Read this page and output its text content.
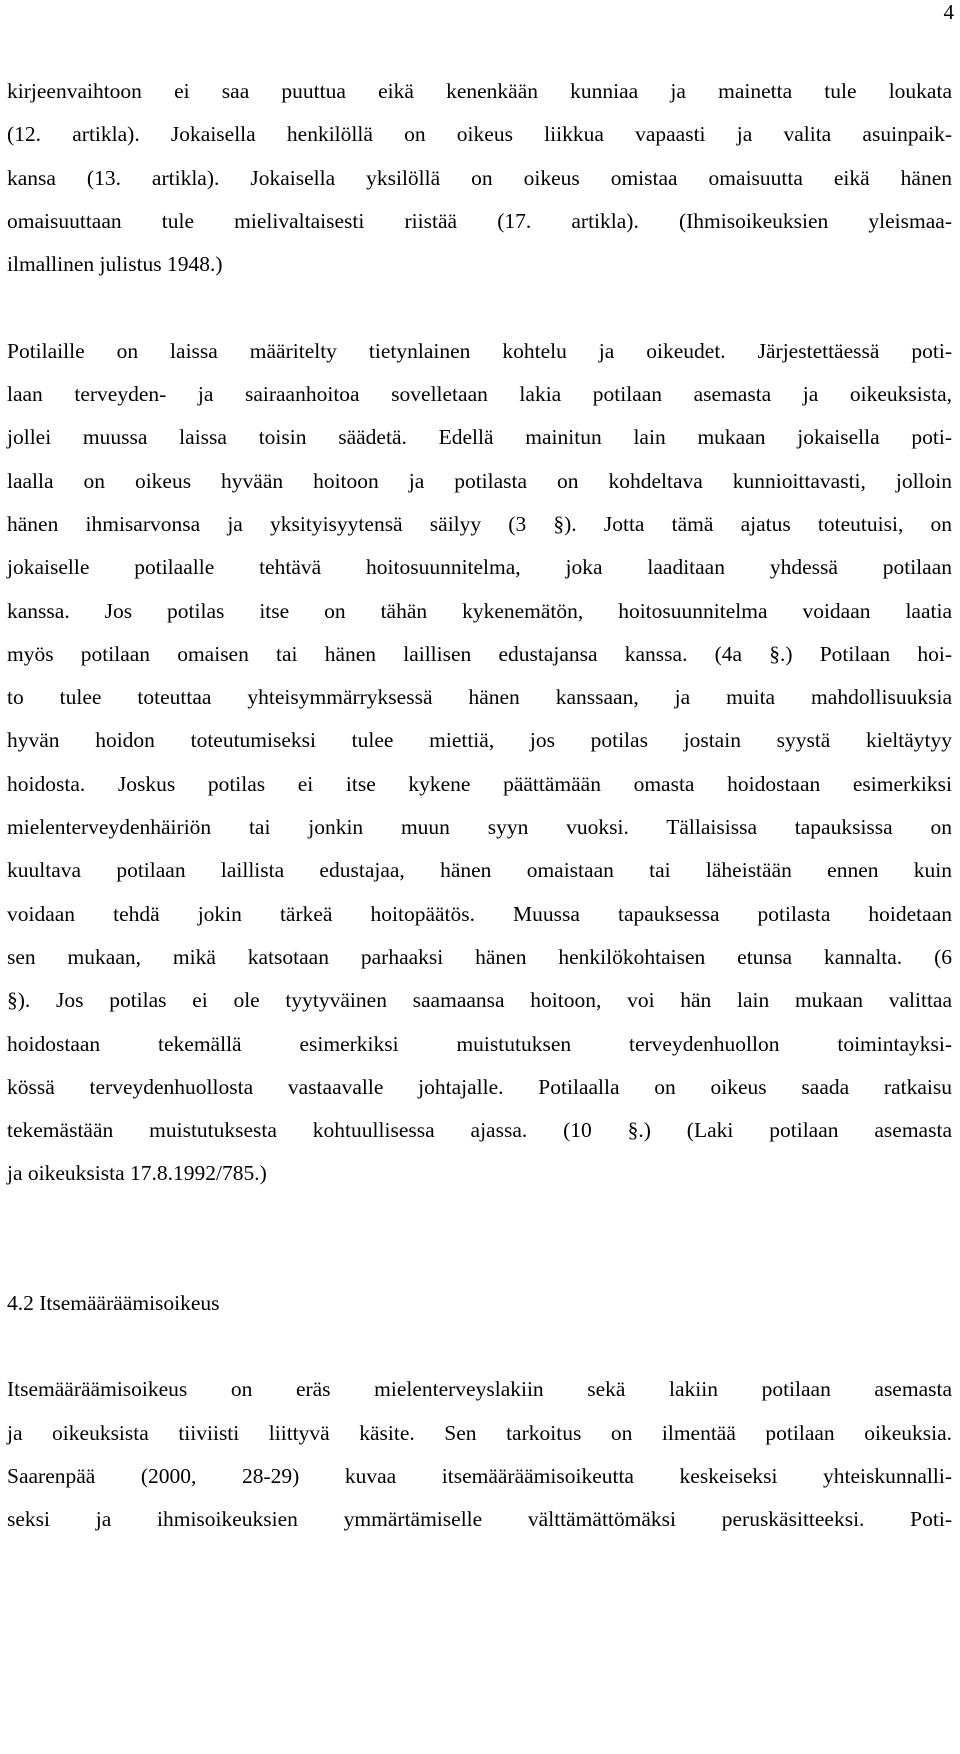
4
kirjeenvaihtoon ei saa puuttua eikä kenenkään kunniaa ja mainetta tule loukata
(12. artikla). Jokaisella henkilöllä on oikeus liikkua vapaasti ja valita asuinpaik-
kansa (13. artikla). Jokaisella yksilöllä on oikeus omistaa omaisuutta eikä hänen
omaisuuttaan tule mielivaltaisesti riistää (17. artikla). (Ihmisoikeuksien yleismaa-
ilmallinen julistus 1948.)
Potilaille on laissa määritelty tietynlainen kohtelu ja oikeudet. Järjestettäessä poti-
laan terveyden- ja sairaanhoitoa sovelletaan lakia potilaan asemasta ja oikeuksista,
jollei muussa laissa toisin säädetä. Edellä mainitun lain mukaan jokaisella poti-
laalla on oikeus hyvään hoitoon ja potilasta on kohdeltava kunnioittavasti, jolloin
hänen ihmisarvonsa ja yksityisyytensä säilyy (3 §). Jotta tämä ajatus toteutuisi, on
jokaiselle potilaalle tehtävä hoitosuunnitelma, joka laaditaan yhdessä potilaan
kanssa. Jos potilas itse on tähän kykenemätön, hoitosuunnitelma voidaan laatia
myös potilaan omaisen tai hänen laillisen edustajansa kanssa. (4a §.) Potilaan hoi-
to tulee toteuttaa yhteisymmärryksessä hänen kanssaan, ja muita mahdollisuuksia
hyvän hoidon toteutumiseksi tulee miettiä, jos potilas jostain syystä kieltäytyy
hoidosta. Joskus potilas ei itse kykene päättämään omasta hoidostaan esimerkiksi
mielenterveydenhäiriön tai jonkin muun syyn vuoksi. Tällaisissa tapauksissa on
kuultava potilaan laillista edustajaa, hänen omaistaan tai läheistään ennen kuin
voidaan tehdä jokin tärkeä hoitopäätös. Muussa tapauksessa potilasta hoidetaan
sen mukaan, mikä katsotaan parhaaksi hänen henkilökohtaisen etunsa kannalta. (6
§). Jos potilas ei ole tyytyväinen saamaansa hoitoon, voi hän lain mukaan valittaa
hoidostaan tekemällä esimerkiksi muistutuksen terveydenhuollon toimintayksi-
kössä terveydenhuollosta vastaavalle johtajalle. Potilaalla on oikeus saada ratkaisu
tekemästään muistutuksesta kohtuullisessa ajassa. (10 §.) (Laki potilaan asemasta
ja oikeuksista 17.8.1992/785.)
4.2 Itsemääräämisoikeus
Itsemääräämisoikeus on eräs mielenterveyslakiin sekä lakiin potilaan asemasta
ja oikeuksista tiiviisti liittyvä käsite. Sen tarkoitus on ilmentää potilaan oikeuksia.
Saarenpää (2000, 28-29) kuvaa itsemääräämisoikeutta keskeiseksi yhteiskunnalli-
seksi ja ihmisoikeuksien ymmärtämiselle välttämättömäksi peruskäsitteeksi. Poti-
